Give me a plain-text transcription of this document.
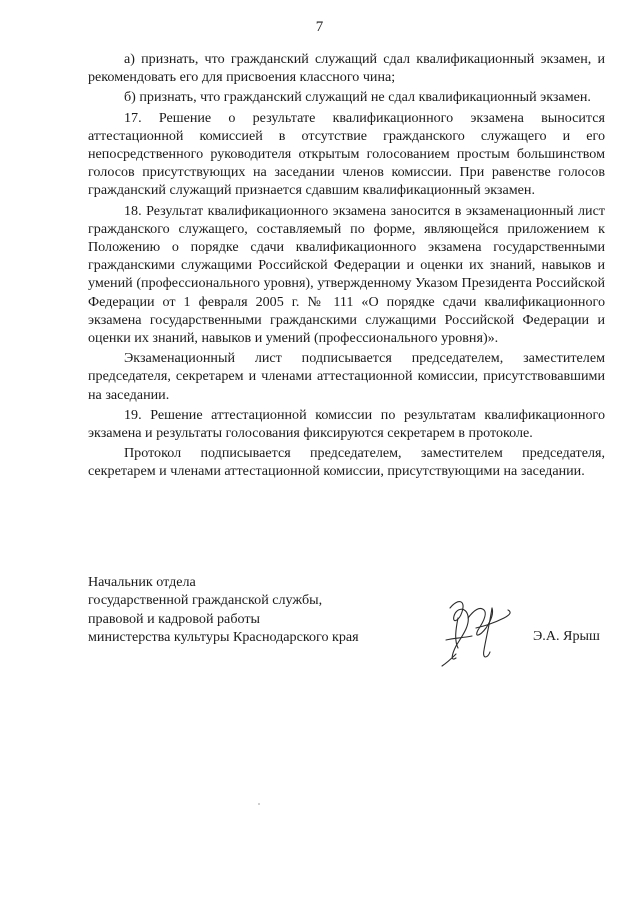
7

а) признать, что гражданский служащий сдал квалификационный экзамен, и рекомендовать его для присвоения классного чина;

б) признать, что гражданский служащий не сдал квалификационный экзамен.

17. Решение о результате квалификационного экзамена выносится аттестационной комиссией в отсутствие гражданского служащего и его непосредственного руководителя открытым голосованием простым большинством голосов присутствующих на заседании членов комиссии. При равенстве голосов гражданский служащий признается сдавшим квалификационный экзамен.

18. Результат квалификационного экзамена заносится в экзаменационный лист гражданского служащего, составляемый по форме, являющейся приложением к Положению о порядке сдачи квалификационного экзамена государственными гражданскими служащими Российской Федерации и оценки их знаний, навыков и умений (профессионального уровня), утвержденному Указом Президента Российской Федерации от 1 февраля 2005 г. № 111 «О порядке сдачи квалификационного экзамена государственными гражданскими служащими Российской Федерации и оценки их знаний, навыков и умений (профессионального уровня)».

Экзаменационный лист подписывается председателем, заместителем председателя, секретарем и членами аттестационной комиссии, присутствовавшими на заседании.

19. Решение аттестационной комиссии по результатам квалификационного экзамена и результаты голосования фиксируются секретарем в протоколе.

Протокол подписывается председателем, заместителем председателя, секретарем и членами аттестационной комиссии, присутствующими на заседании.

Начальник отдела
государственной гражданской службы,
правовой и кадровой работы
министерства культуры Краснодарского края	Э.А. Ярыш
